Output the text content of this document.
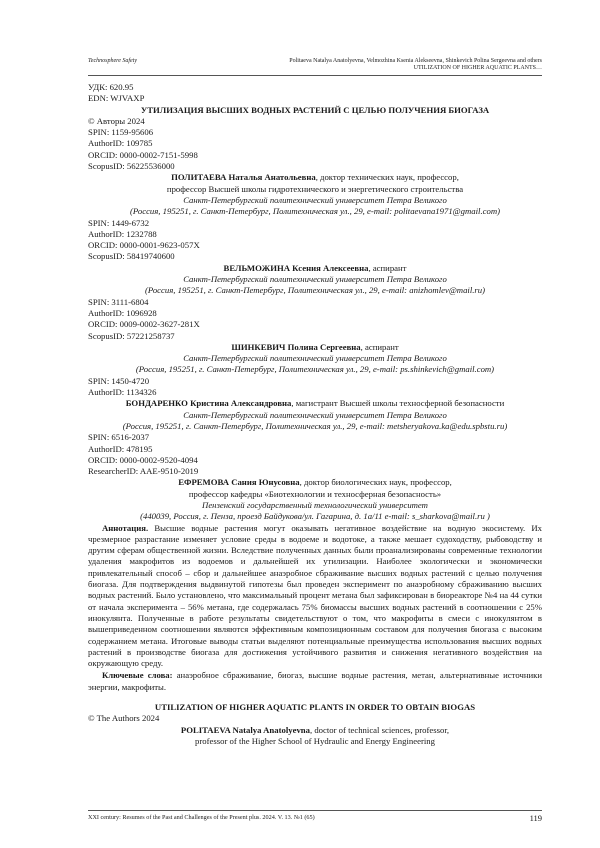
Technosphere Safety	Politaeva Natalya Anatolyevna, Velmozhina Ksenia Alekseevna, Shinkevich Polina Sergeevna and others
UTILIZATION OF HIGHER AQUATIC PLANTS…

УДК: 620.95

EDN: WJVAXP

УТИЛИЗАЦИЯ ВЫСШИХ ВОДНЫХ РАСТЕНИЙ С ЦЕЛЬЮ ПОЛУЧЕНИЯ БИОГАЗА

© Авторы 2024

SPIN: 1159-95606

AuthorID: 109785

ORCID: 0000-0002-7151-5998

ScopusID: 56225536000

ПОЛИТАЕВА Наталья Анатольевна, доктор технических наук, профессор,

профессор Высшей школы гидротехнического и энергетического строительства

Санкт-Петербургский политехнический университет Петра Великого

(Россия, 195251, г. Санкт-Петербург, Политехническая ул., 29, e-mail: politaevana1971@gmail.com)

SPIN: 1449-6732

AuthorID: 1232788

ORCID: 0000-0001-9623-057X

ScopusID: 58419740600

ВЕЛЬМОЖИНА Ксения Алексеевна, аспирант

Санкт-Петербургский политехнический университет Петра Великого

(Россия, 195251, г. Санкт-Петербург, Политехническая ул., 29, e-mail: anizhomlev@mail.ru)

SPIN: 3111-6804

AuthorID: 1096928

ORCID: 0009-0002-3627-281X

ScopusID: 57221258737

ШИНКЕВИЧ Полина Сергеевна, аспирант

Санкт-Петербургский политехнический университет Петра Великого

(Россия, 195251, г. Санкт-Петербург, Политехническая ул., 29, e-mail: ps.shinkevich@gmail.com)

SPIN: 1450-4720

AuthorID: 1134326

БОНДАРЕНКО Кристина Александровна, магистрант Высшей школы техносферной безопасности

Санкт-Петербургский политехнический университет Петра Великого

(Россия, 195251, г. Санкт-Петербург, Политехническая ул., 29, e-mail: metsheryakova.ka@edu.spbstu.ru)

SPIN: 6516-2037

AuthorID: 478195

ORCID: 0000-0002-9520-4094

ResearcherID: AAE-9510-2019

ЕФРЕМОВА Сания Юнусовна, доктор биологических наук, профессор,

профессор кафедры «Биотехнологии и техносферная безопасность»

Пензенский государственный технологический университет

(440039, Россия, г. Пенза, проезд Байдукова/ул. Гагарина, д. 1а/11 e-mail: s_sharkova@mail.ru )

Аннотация. Высшие водные растения могут оказывать негативное воздействие на водную экосистему. Их чрезмерное разрастание изменяет условие среды в водоеме и водотоке, а также мешает судоходству, рыбоводству и другим сферам общественной жизни. Вследствие полученных данных были проанализированы современные технологии удаления макрофитов из водоемов и дальнейшей их утилизации. Наиболее экологически и экономически привлекательный способ – сбор и дальнейшее анаэробное сбраживание высших водных растений с целью получения биогаза. Для подтверждения выдвинутой гипотезы был проведен эксперимент по анаэробному сбраживанию высших водных растений. Было установлено, что максимальный процент метана был зафиксирован в биореакторе №4 на 44 сутки от начала эксперимента – 56% метана, где содержалась 75% биомассы высших водных растений в соотношении с 25% инокулянта. Полученные в работе результаты свидетельствуют о том, что макрофиты в смеси с инокулянтом в вышеприведенном соотношении являются эффективным композиционным составом для получения биогаза с высоким содержанием метана. Итоговые выводы статьи выделяют потенциальные преимущества использования высших водных растений в производстве биогаза для достижения устойчивого развития и снижения негативного воздействия на окружающую среду.

Ключевые слова: анаэробное сбраживание, биогаз, высшие водные растения, метан, альтернативные источники энергии, макрофиты.

UTILIZATION OF HIGHER AQUATIC PLANTS IN ORDER TO OBTAIN BIOGAS

© The Authors 2024

POLITAEVA Natalya Anatolyevna, doctor of technical sciences, professor,

professor of the Higher School of Hydraulic and Energy Engineering

XXI century: Resumes of the Past and Challenges of the Present plus. 2024. V. 13. №1 (65)	119
